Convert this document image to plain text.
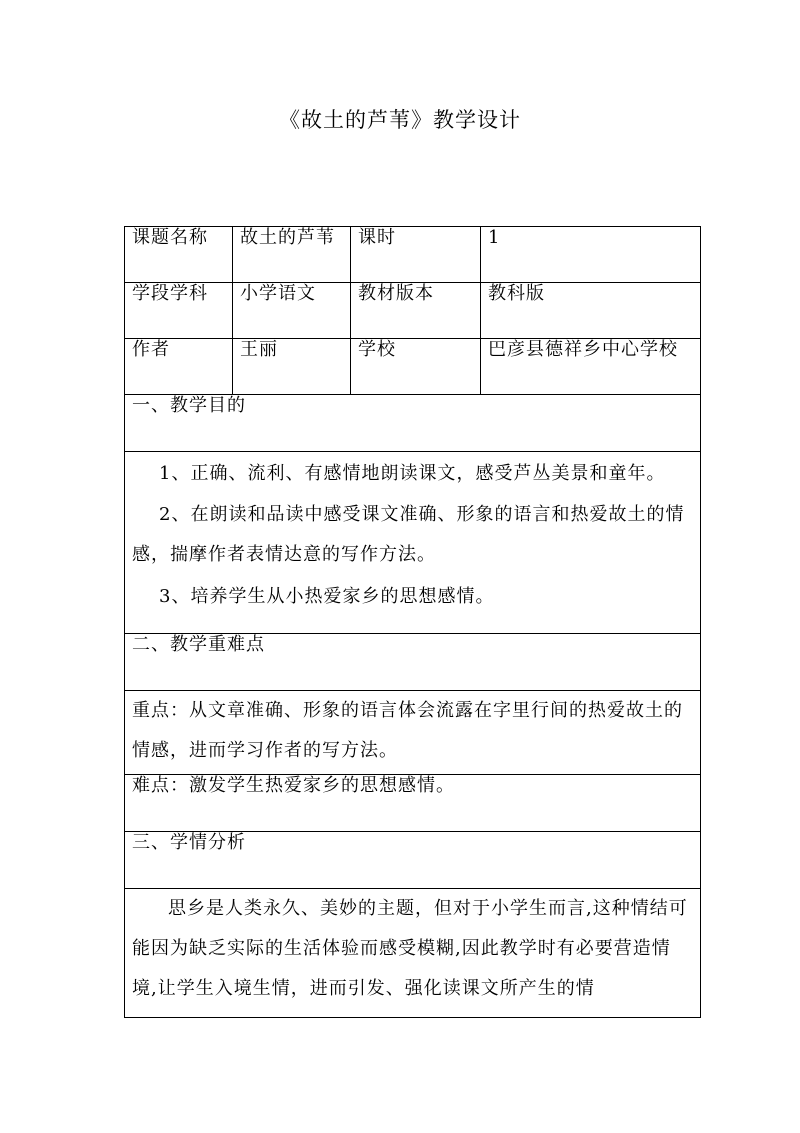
《故土的芦苇》教学设计
课题名称	故土的芦苇	课时	1
学段学科	小学语文	教材版本	教科版
作者	王丽	学校	巴彦县德祥乡中心学校
一、教学目的			

1、正确、流利、有感情地朗读课文，感受芦丛美景和童年。

2、在朗读和品读中感受课文准确、形象的语言和热爱故土的情感，揣摩作者表情达意的写作方法。

3、培养学生从小热爱家乡的思想感情。			

二、教学重难点			

重点：从文章准确、形象的语言体会流露在字里行间的热爱故土的情感，进而学习作者的写方法。			

难点：激发学生热爱家乡的思想感情。			
三、学情分析			

思乡是人类永久、美妙的主题，但对于小学生而言,这种情结可能因为缺乏实际的生活体验而感受模糊,因此教学时有必要营造情境,让学生入境生情，进而引发、强化读课文所产生的情			
